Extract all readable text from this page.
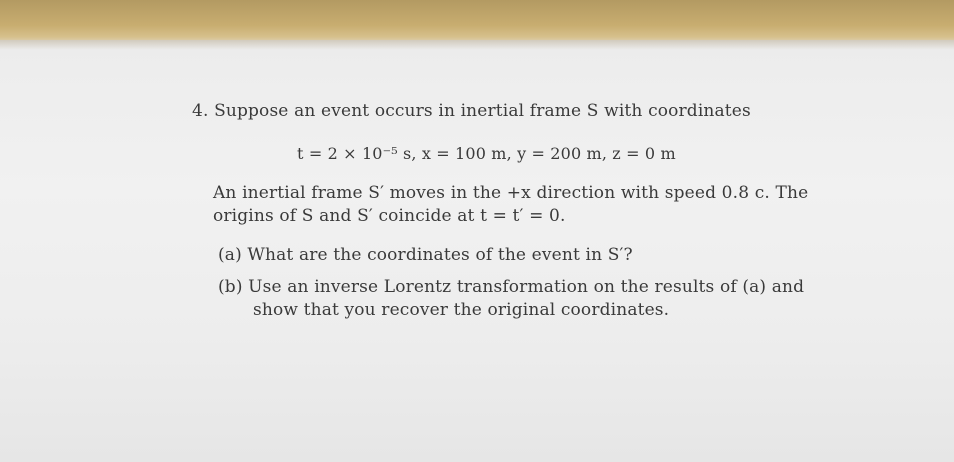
4. Suppose an event occurs in inertial frame S with coordinates
t = 2 × 10⁻⁵ s, x = 100 m, y = 200 m, z = 0 m
An inertial frame S′ moves in the +x direction with speed 0.8 c. The
origins of S and S′ coincide at t = t′ = 0.
(a) What are the coordinates of the event in S′?
(b) Use an inverse Lorentz transformation on the results of (a) and
show that you recover the original coordinates.
